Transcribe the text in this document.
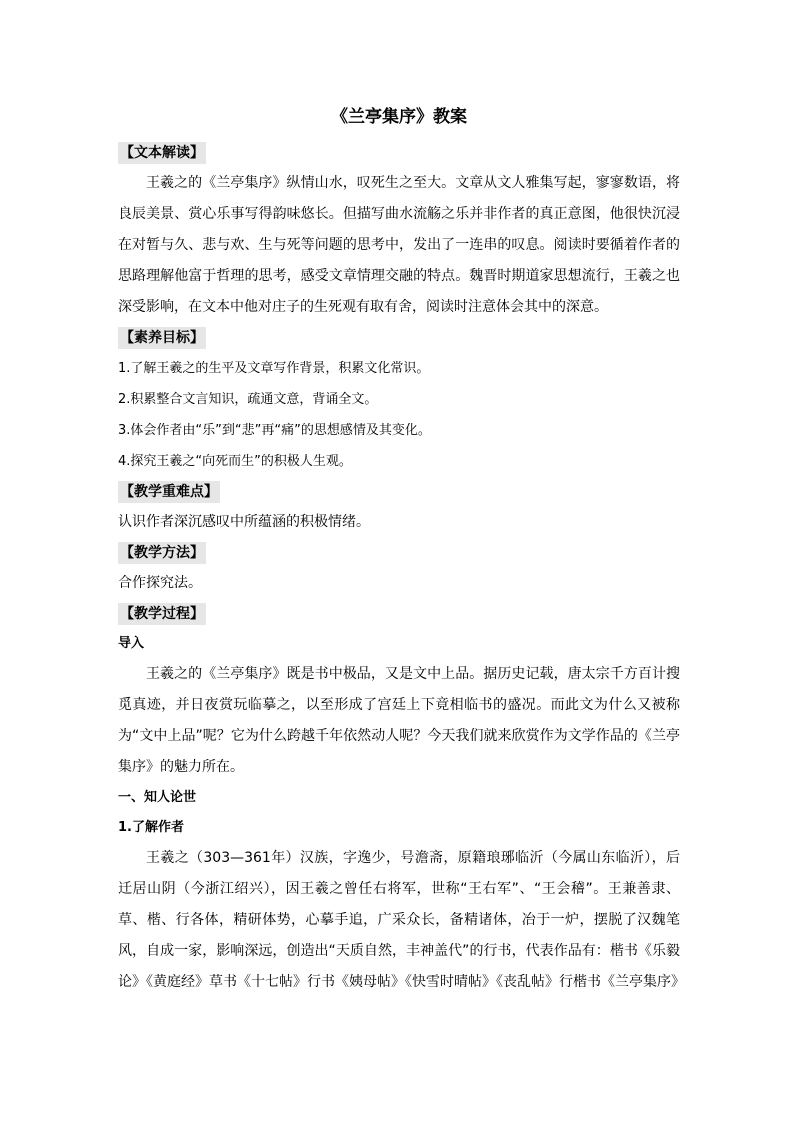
《兰亭集序》教案
【文本解读】

王羲之的《兰亭集序》纵情山水，叹死生之至大。文章从文人雅集写起，寥寥数语，将良辰美景、赏心乐事写得韵味悠长。但描写曲水流觞之乐并非作者的真正意图，他很快沉浸在对暂与久、悲与欢、生与死等问题的思考中，发出了一连串的叹息。阅读时要循着作者的思路理解他富于哲理的思考，感受文章情理交融的特点。魏晋时期道家思想流行，王羲之也深受影响，在文本中他对庄子的生死观有取有舍，阅读时注意体会其中的深意。

【素养目标】

1.了解王羲之的生平及文章写作背景，积累文化常识。

2.积累整合文言知识，疏通文意，背诵全文。

3.体会作者由“乐”到“悲”再“痛”的思想感情及其变化。

4.探究王羲之“向死而生”的积极人生观。

【教学重难点】

认识作者深沉感叹中所蕴涵的积极情绪。

【教学方法】

合作探究法。

【教学过程】

导入

王羲之的《兰亭集序》既是书中极品，又是文中上品。据历史记载，唐太宗千方百计搜觅真迹，并日夜赏玩临摹之，以至形成了宫廷上下竟相临书的盛况。而此文为什么又被称为“文中上品”呢？它为什么跨越千年依然动人呢？今天我们就来欣赏作为文学作品的《兰亭集序》的魅力所在。

一、知人论世

1.了解作者

王羲之（303—361年）汉族，字逸少，号澹斋，原籍琅琊临沂（今属山东临沂），后迁居山阴（今浙江绍兴），因王羲之曾任右将军，世称“王右军”、“王会稽”。王兼善隶、草、楷、行各体，精研体势，心摹手追，广采众长，备精诸体，冶于一炉，摆脱了汉魏笔风，自成一家，影响深远，创造出“天质自然，丰神盖代”的行书，代表作品有：楷书《乐毅论》《黄庭经》草书《十七帖》行书《姨母帖》《快雪时晴帖》《丧乱帖》行楷书《兰亭集序》
